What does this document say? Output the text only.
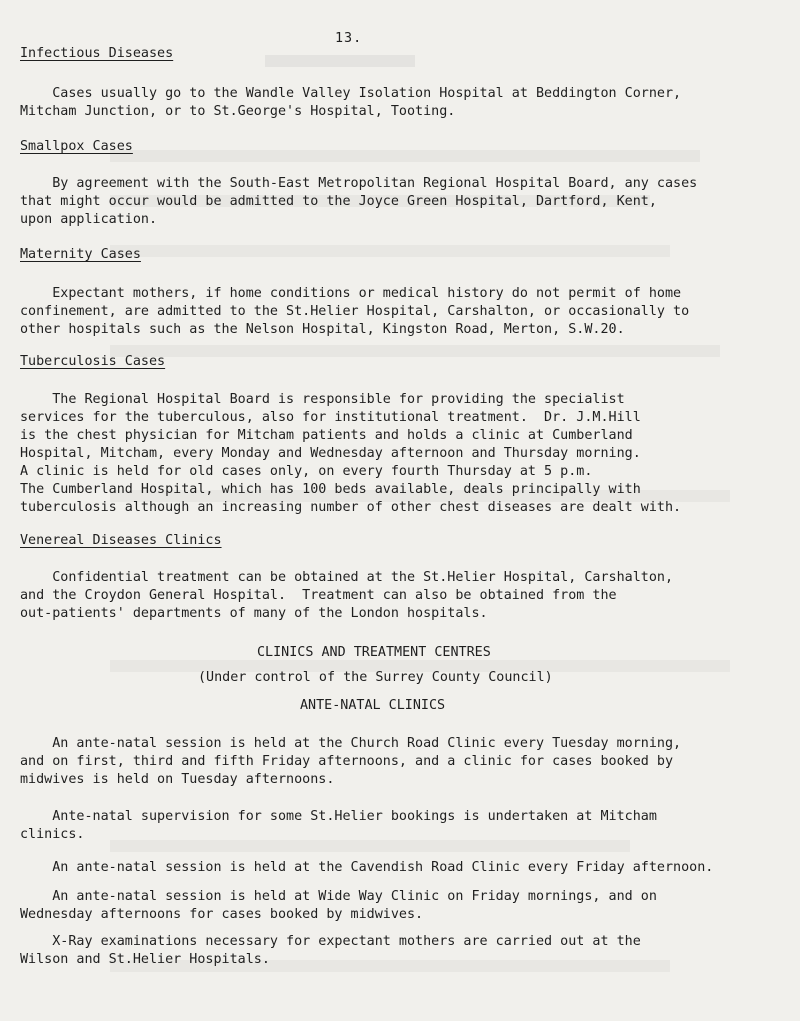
13.
Infectious Diseases
Cases usually go to the Wandle Valley Isolation Hospital at Beddington Corner,
Mitcham Junction, or to St.George's Hospital, Tooting.
Smallpox Cases
By agreement with the South-East Metropolitan Regional Hospital Board, any cases
that might occur would be admitted to the Joyce Green Hospital, Dartford, Kent,
upon application.
Maternity Cases
Expectant mothers, if home conditions or medical history do not permit of home
confinement, are admitted to the St.Helier Hospital, Carshalton, or occasionally to
other hospitals such as the Nelson Hospital, Kingston Road, Merton, S.W.20.
Tuberculosis Cases
The Regional Hospital Board is responsible for providing the specialist
services for the tuberculous, also for institutional treatment.  Dr. J.M.Hill
is the chest physician for Mitcham patients and holds a clinic at Cumberland
Hospital, Mitcham, every Monday and Wednesday afternoon and Thursday morning.
A clinic is held for old cases only, on every fourth Thursday at 5 p.m.
The Cumberland Hospital, which has 100 beds available, deals principally with
tuberculosis although an increasing number of other chest diseases are dealt with.
Venereal Diseases Clinics
Confidential treatment can be obtained at the St.Helier Hospital, Carshalton,
and the Croydon General Hospital.  Treatment can also be obtained from the
out-patients' departments of many of the London hospitals.
CLINICS AND TREATMENT CENTRES
(Under control of the Surrey County Council)
ANTE-NATAL CLINICS
An ante-natal session is held at the Church Road Clinic every Tuesday morning,
and on first, third and fifth Friday afternoons, and a clinic for cases booked by
midwives is held on Tuesday afternoons.
Ante-natal supervision for some St.Helier bookings is undertaken at Mitcham
clinics.
An ante-natal session is held at the Cavendish Road Clinic every Friday afternoon.
An ante-natal session is held at Wide Way Clinic on Friday mornings, and on
Wednesday afternoons for cases booked by midwives.
X-Ray examinations necessary for expectant mothers are carried out at the
Wilson and St.Helier Hospitals.
